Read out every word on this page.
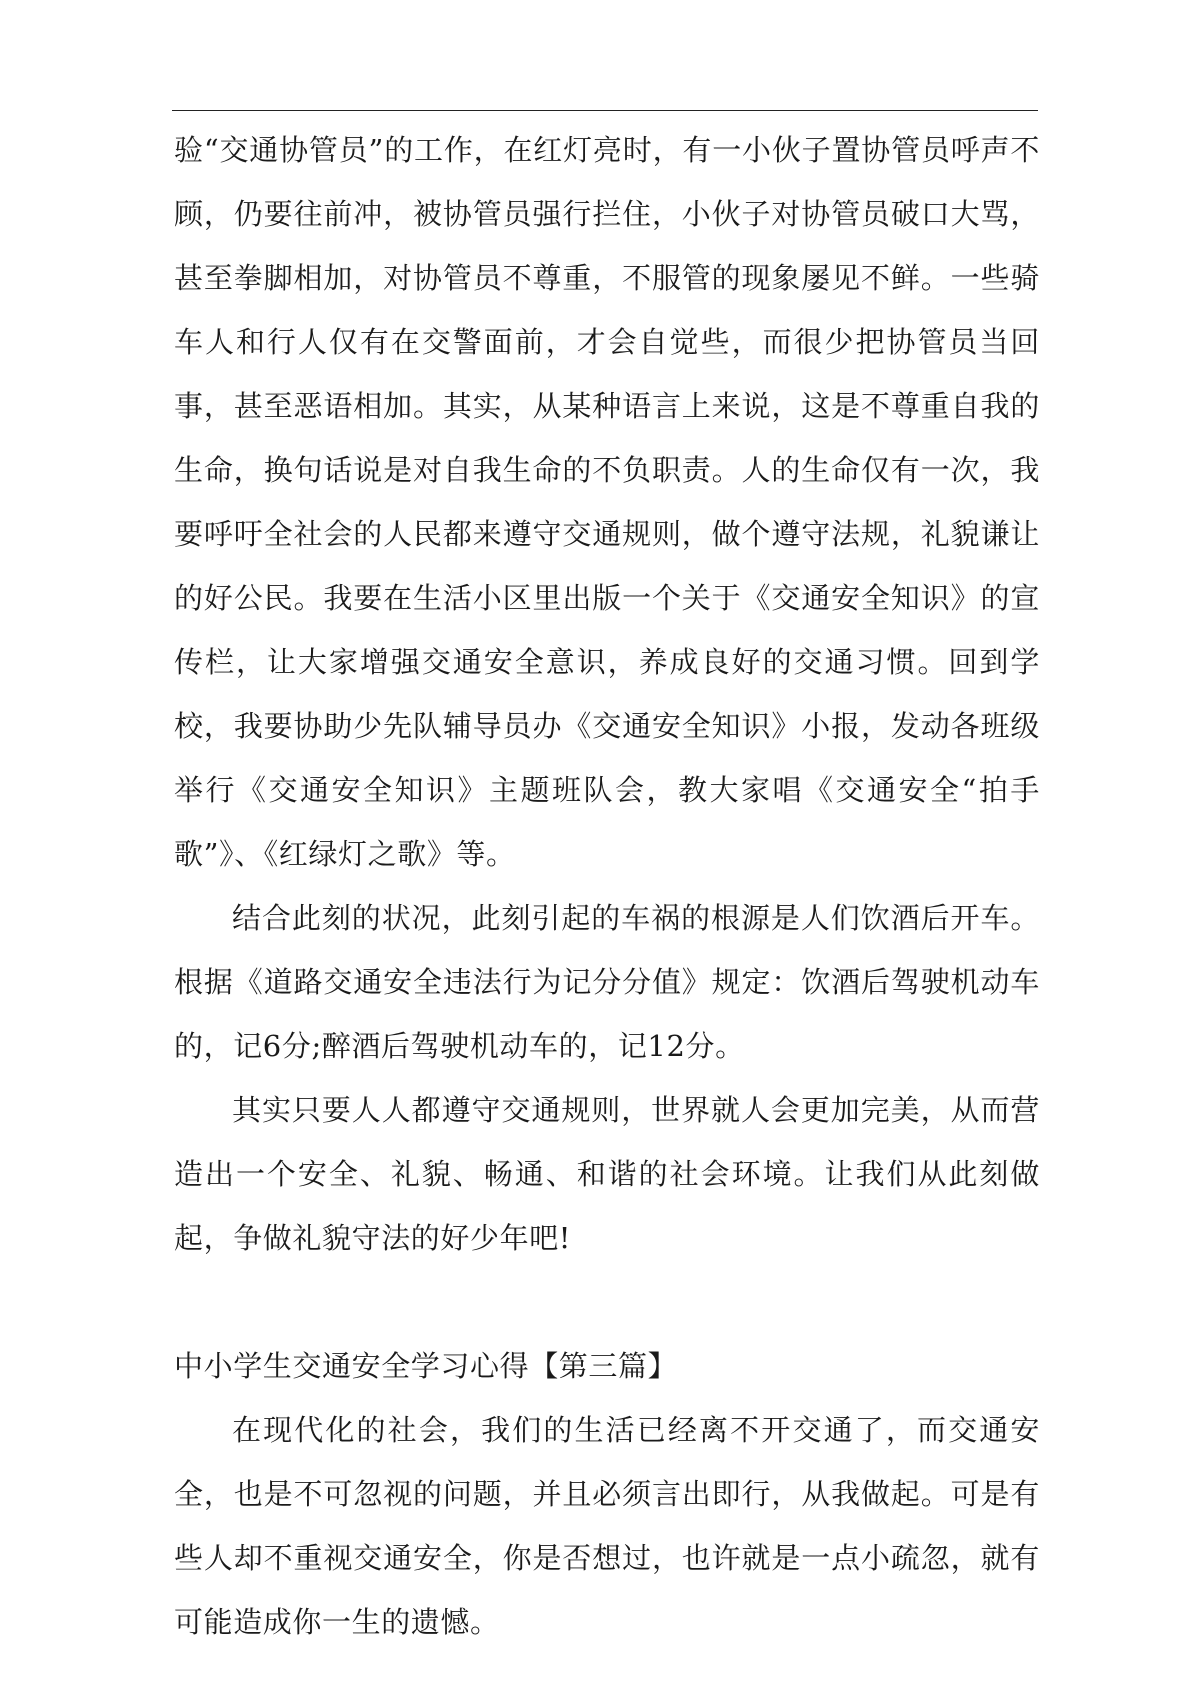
验“交通协管员”的工作，在红灯亮时，有一小伙子置协管员呼声不顾，仍要往前冲，被协管员强行拦住，小伙子对协管员破口大骂，甚至拳脚相加，对协管员不尊重，不服管的现象屡见不鲜。一些骑车人和行人仅有在交警面前，才会自觉些，而很少把协管员当回事，甚至恶语相加。其实，从某种语言上来说，这是不尊重自我的生命，换句话说是对自我生命的不负职责。人的生命仅有一次，我要呼吁全社会的人民都来遵守交通规则，做个遵守法规，礼貌谦让的好公民。我要在生活小区里出版一个关于《交通安全知识》的宣传栏，让大家增强交通安全意识，养成良好的交通习惯。回到学校，我要协助少先队辅导员办《交通安全知识》小报，发动各班级举行《交通安全知识》主题班队会，教大家唱《交通安全“拍手歌”》、《红绿灯之歌》等。

结合此刻的状况，此刻引起的车祸的根源是人们饮酒后开车。根据《道路交通安全违法行为记分分值》规定：饮酒后驾驶机动车的，记6分;醉酒后驾驶机动车的，记12分。

其实只要人人都遵守交通规则，世界就人会更加完美，从而营造出一个安全、礼貌、畅通、和谐的社会环境。让我们从此刻做起，争做礼貌守法的好少年吧!

中小学生交通安全学习心得【第三篇】

在现代化的社会，我们的生活已经离不开交通了，而交通安全，也是不可忽视的问题，并且必须言出即行，从我做起。可是有些人却不重视交通安全，你是否想过，也许就是一点小疏忽，就有可能造成你一生的遗憾。
